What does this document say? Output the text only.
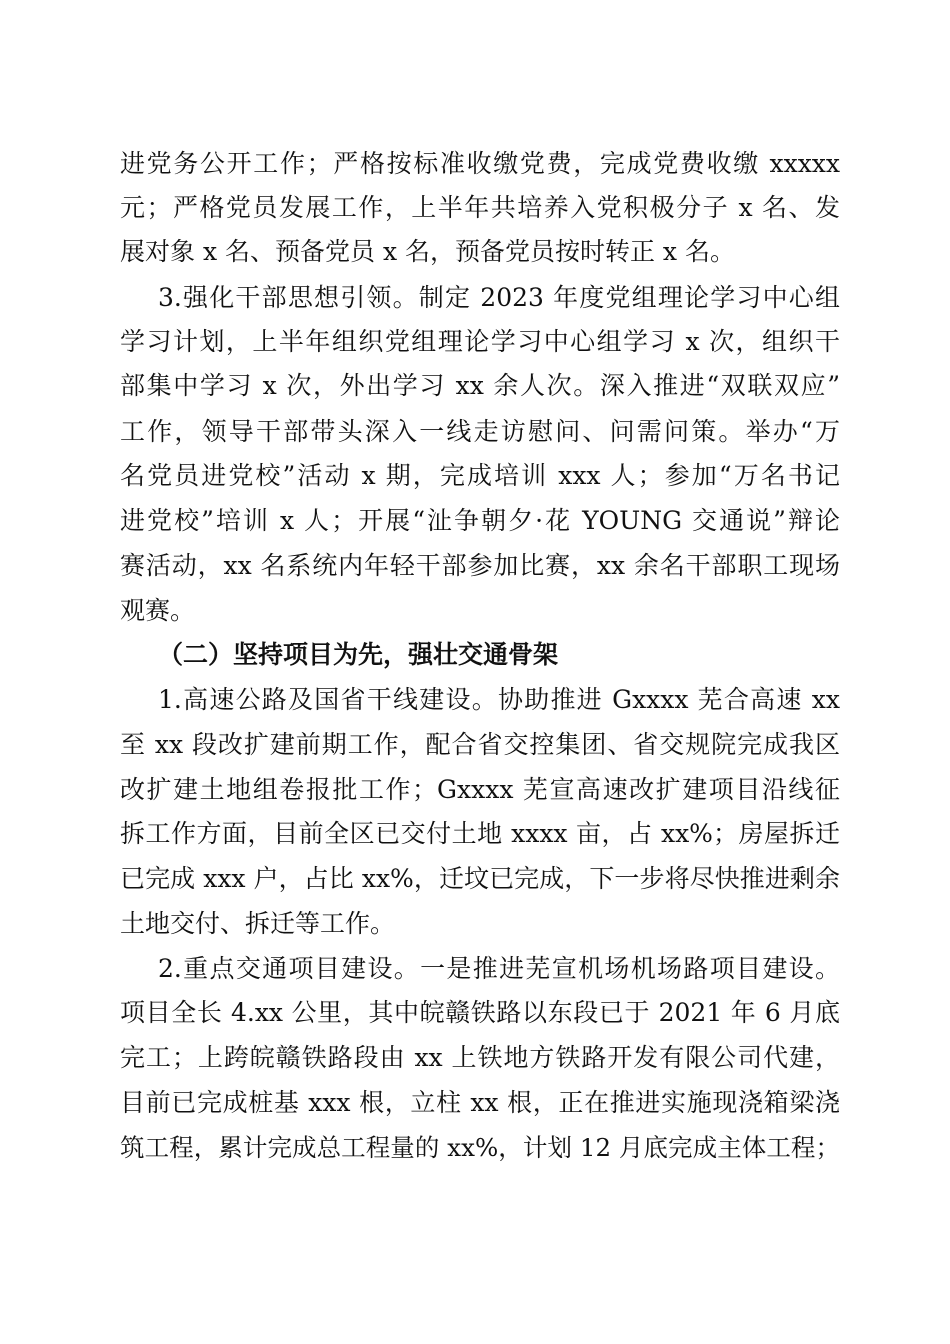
进党务公开工作；严格按标准收缴党费，完成党费收缴 xxxxx
元；严格党员发展工作，上半年共培养入党积极分子 x 名、发
展对象 x 名、预备党员 x 名，预备党员按时转正 x 名。
3.强化干部思想引领。制定 2023 年度党组理论学习中心组
学习计划，上半年组织党组理论学习中心组学习 x 次，组织干
部集中学习 x 次，外出学习 xx 余人次。深入推进“双联双应”
工作，领导干部带头深入一线走访慰问、问需问策。举办“万
名党员进党校”活动 x 期，完成培训 xxx 人；参加“万名书记
进党校”培训 x 人；开展“沚争朝夕·花 YOUNG 交通说”辩论
赛活动，xx 名系统内年轻干部参加比赛，xx 余名干部职工现场
观赛。
（二）坚持项目为先，强壮交通骨架
1.高速公路及国省干线建设。协助推进 Gxxxx 芜合高速 xx
至 xx 段改扩建前期工作，配合省交控集团、省交规院完成我区
改扩建土地组卷报批工作；Gxxxx 芜宣高速改扩建项目沿线征
拆工作方面，目前全区已交付土地 xxxx 亩，占 xx%；房屋拆迁
已完成 xxx 户，占比 xx%，迁坟已完成，下一步将尽快推进剩余
土地交付、拆迁等工作。
2.重点交通项目建设。一是推进芜宣机场机场路项目建设。
项目全长 4.xx 公里，其中皖赣铁路以东段已于 2021 年 6 月底
完工；上跨皖赣铁路段由 xx 上铁地方铁路开发有限公司代建，
目前已完成桩基 xxx 根，立柱 xx 根，正在推进实施现浇箱梁浇
筑工程，累计完成总工程量的 xx%，计划 12 月底完成主体工程；
